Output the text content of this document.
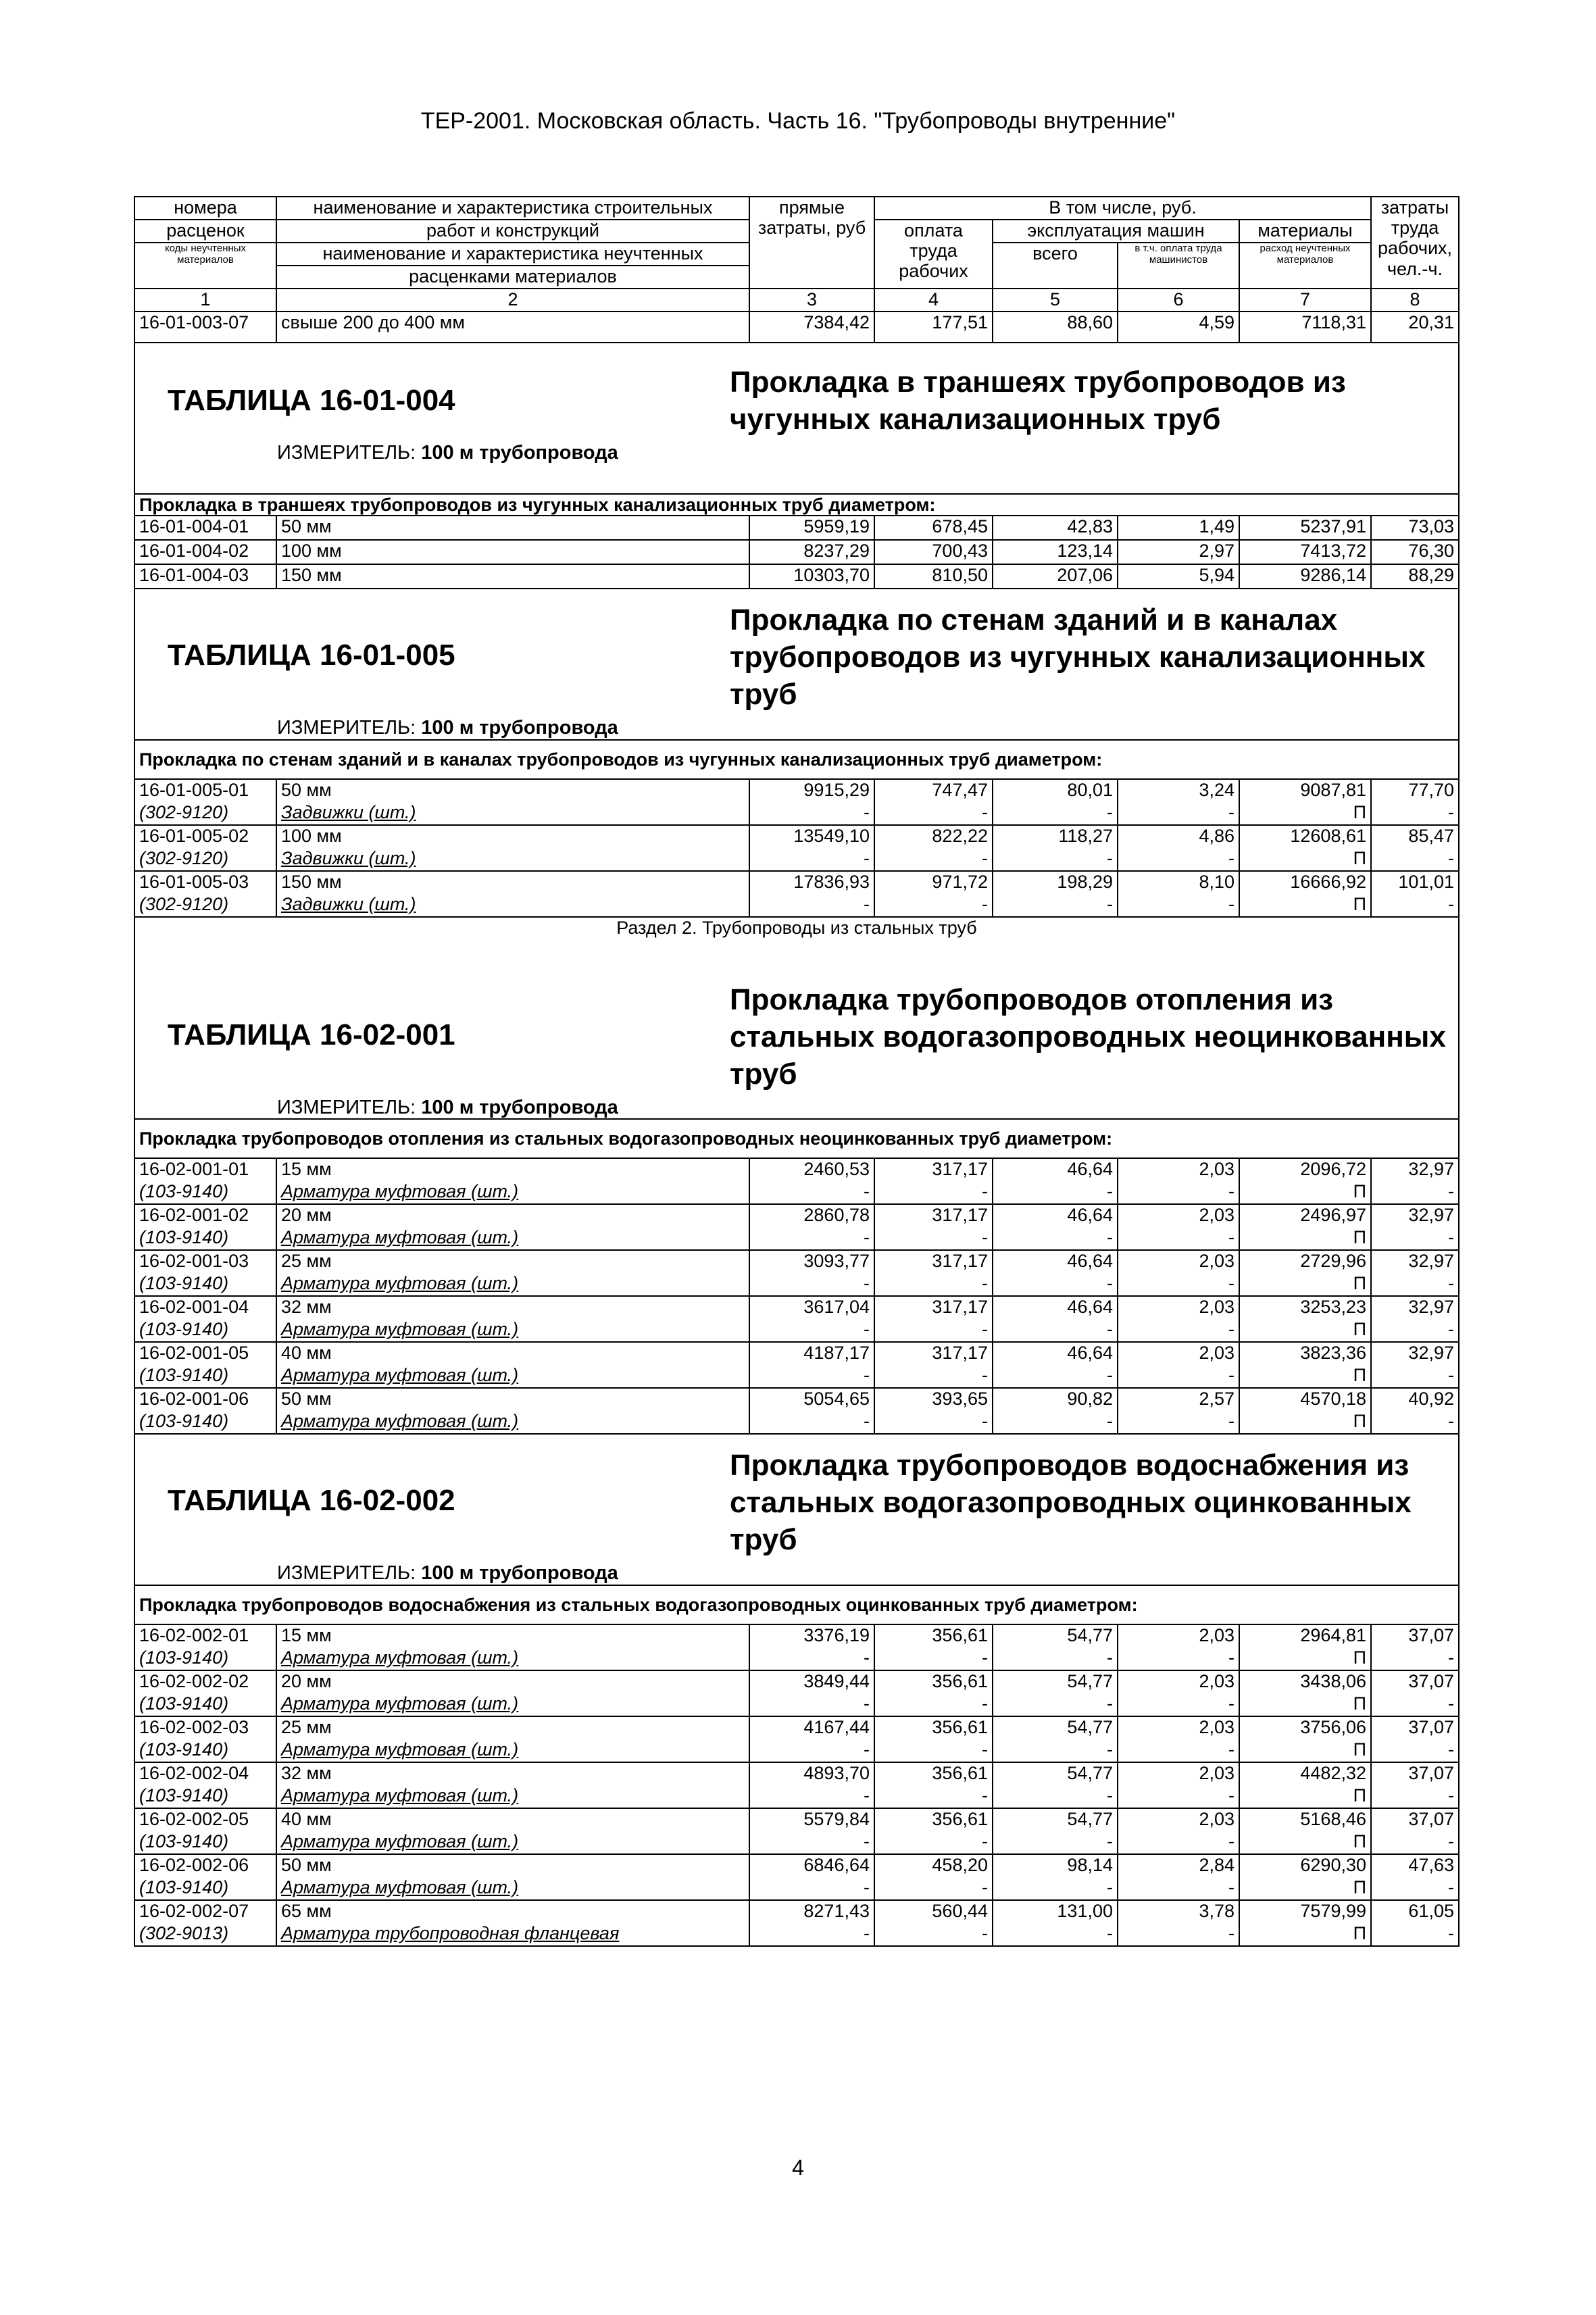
ТЕР-2001. Московская область. Часть 16. "Трубопроводы внутренние"
номера	наименование и характеристика строительных	прямые затраты, руб	В том числе, руб.				затраты труда рабочих, чел.-ч.
расценок	работ и конструкций		оплата труда рабочих	эксплуатация машин		материалы	
коды неучтенных материалов	наименование и характеристика неучтенных			всего	в т.ч. оплата труда машинистов	расход неучтенных материалов	
	расценками материалов						
1	2	3	4	5	6	7	8
16-01-003-07	свыше 200 до 400 мм	7384,42	177,51	88,60	4,59	7118,31	20,31

ТАБЛИЦА 16-01-004
Прокладка в траншеях трубопроводов из чугунных канализационных труб
ИЗМЕРИТЕЛЬ: 100 м трубопровода							

Прокладка в траншеях трубопроводов из чугунных канализационных труб диаметром:							
16-01-004-01	50 мм	5959,19	678,45	42,83	1,49	5237,91	73,03
16-01-004-02	100 мм	8237,29	700,43	123,14	2,97	7413,72	76,30
16-01-004-03	150 мм	10303,70	810,50	207,06	5,94	9286,14	88,29

ТАБЛИЦА 16-01-005
Прокладка по стенам зданий и в каналах трубопроводов из чугунных канализационных труб
ИЗМЕРИТЕЛЬ: 100 м трубопровода							

Прокладка по стенам зданий и в каналах трубопроводов из чугунных канализационных труб диаметром:							
16-01-005-01	50 мм	9915,29	747,47	80,01	3,24	9087,81	77,70
(302-9120)	Задвижки (шт.)	-	-	-	-	П	-
16-01-005-02	100 мм	13549,10	822,22	118,27	4,86	12608,61	85,47
(302-9120)	Задвижки (шт.)	-	-	-	-	П	-
16-01-005-03	150 мм	17836,93	971,72	198,29	8,10	16666,92	101,01
(302-9120)	Задвижки (шт.)	-	-	-	-	П	-
Раздел 2. Трубопроводы из стальных труб							

ТАБЛИЦА 16-02-001
Прокладка трубопроводов отопления из стальных водогазопроводных неоцинкованных труб
ИЗМЕРИТЕЛЬ: 100 м трубопровода							

Прокладка трубопроводов отопления из стальных водогазопроводных неоцинкованных труб диаметром:							
16-02-001-01	15 мм	2460,53	317,17	46,64	2,03	2096,72	32,97
(103-9140)	Арматура муфтовая (шт.)	-	-	-	-	П	-
16-02-001-02	20 мм	2860,78	317,17	46,64	2,03	2496,97	32,97
(103-9140)	Арматура муфтовая (шт.)	-	-	-	-	П	-
16-02-001-03	25 мм	3093,77	317,17	46,64	2,03	2729,96	32,97
(103-9140)	Арматура муфтовая (шт.)	-	-	-	-	П	-
16-02-001-04	32 мм	3617,04	317,17	46,64	2,03	3253,23	32,97
(103-9140)	Арматура муфтовая (шт.)	-	-	-	-	П	-
16-02-001-05	40 мм	4187,17	317,17	46,64	2,03	3823,36	32,97
(103-9140)	Арматура муфтовая (шт.)	-	-	-	-	П	-
16-02-001-06	50 мм	5054,65	393,65	90,82	2,57	4570,18	40,92
(103-9140)	Арматура муфтовая (шт.)	-	-	-	-	П	-

ТАБЛИЦА 16-02-002
Прокладка трубопроводов водоснабжения из стальных водогазопроводных оцинкованных труб
ИЗМЕРИТЕЛЬ: 100 м трубопровода							

Прокладка трубопроводов водоснабжения из стальных водогазопроводных оцинкованных труб диаметром:							
16-02-002-01	15 мм	3376,19	356,61	54,77	2,03	2964,81	37,07
(103-9140)	Арматура муфтовая (шт.)	-	-	-	-	П	-
16-02-002-02	20 мм	3849,44	356,61	54,77	2,03	3438,06	37,07
(103-9140)	Арматура муфтовая (шт.)	-	-	-	-	П	-
16-02-002-03	25 мм	4167,44	356,61	54,77	2,03	3756,06	37,07
(103-9140)	Арматура муфтовая (шт.)	-	-	-	-	П	-
16-02-002-04	32 мм	4893,70	356,61	54,77	2,03	4482,32	37,07
(103-9140)	Арматура муфтовая (шт.)	-	-	-	-	П	-
16-02-002-05	40 мм	5579,84	356,61	54,77	2,03	5168,46	37,07
(103-9140)	Арматура муфтовая (шт.)	-	-	-	-	П	-
16-02-002-06	50 мм	6846,64	458,20	98,14	2,84	6290,30	47,63
(103-9140)	Арматура муфтовая (шт.)	-	-	-	-	П	-
16-02-002-07	65 мм	8271,43	560,44	131,00	3,78	7579,99	61,05
(302-9013)	Арматура трубопроводная фланцевая	-	-	-	-	П	-
4
